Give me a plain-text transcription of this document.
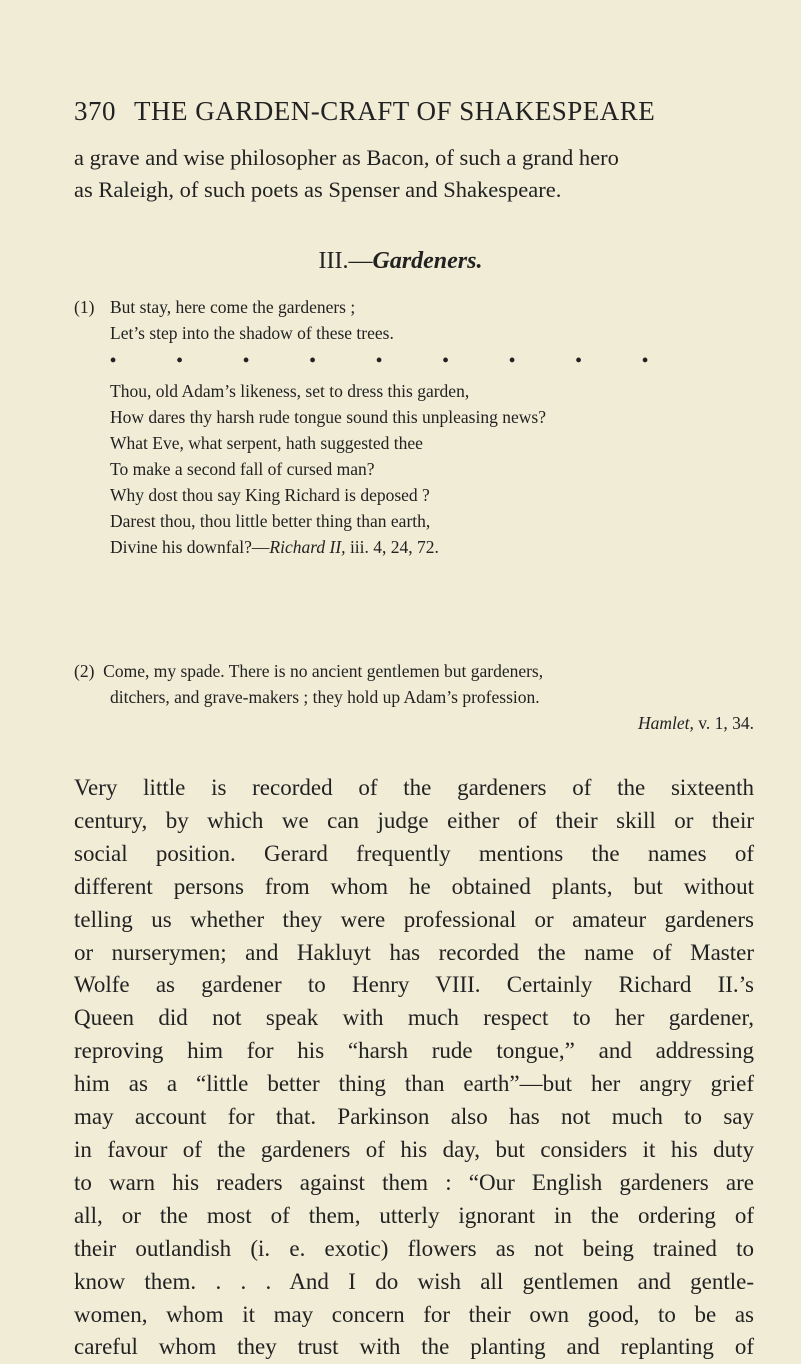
370 THE GARDEN-CRAFT OF SHAKESPEARE
a grave and wise philosopher as Bacon, of such a grand hero
as Raleigh, of such poets as Spenser and Shakespeare.
III.—Gardeners.
(1) But stay, here come the gardeners ;
Let’s step into the shadow of these trees.
• • • • • • • • •
Thou, old Adam’s likeness, set to dress this garden,
How dares thy harsh rude tongue sound this unpleasing news?
What Eve, what serpent, hath suggested thee
To make a second fall of cursed man?
Why dost thou say King Richard is deposed ?
Darest thou, thou little better thing than earth,
Divine his downfal?—Richard II, iii. 4, 24, 72.
(2) Come, my spade. There is no ancient gentlemen but gardeners,
ditchers, and grave-makers ; they hold up Adam’s profession.
Hamlet, v. 1, 34.
Very little is recorded of the gardeners of the sixteenth
century, by which we can judge either of their skill or their
social position. Gerard frequently mentions the names of
different persons from whom he obtained plants, but without
telling us whether they were professional or amateur gardeners
or nurserymen; and Hakluyt has recorded the name of Master
Wolfe as gardener to Henry VIII. Certainly Richard II.’s
Queen did not speak with much respect to her gardener,
reproving him for his “harsh rude tongue,” and addressing
him as a “little better thing than earth”—but her angry grief
may account for that. Parkinson also has not much to say
in favour of the gardeners of his day, but considers it his duty
to warn his readers against them : “Our English gardeners are
all, or the most of them, utterly ignorant in the ordering of
their outlandish (i. e. exotic) flowers as not being trained to
know them. . . . And I do wish all gentlemen and gentle-
women, whom it may concern for their own good, to be as
careful whom they trust with the planting and replanting of
